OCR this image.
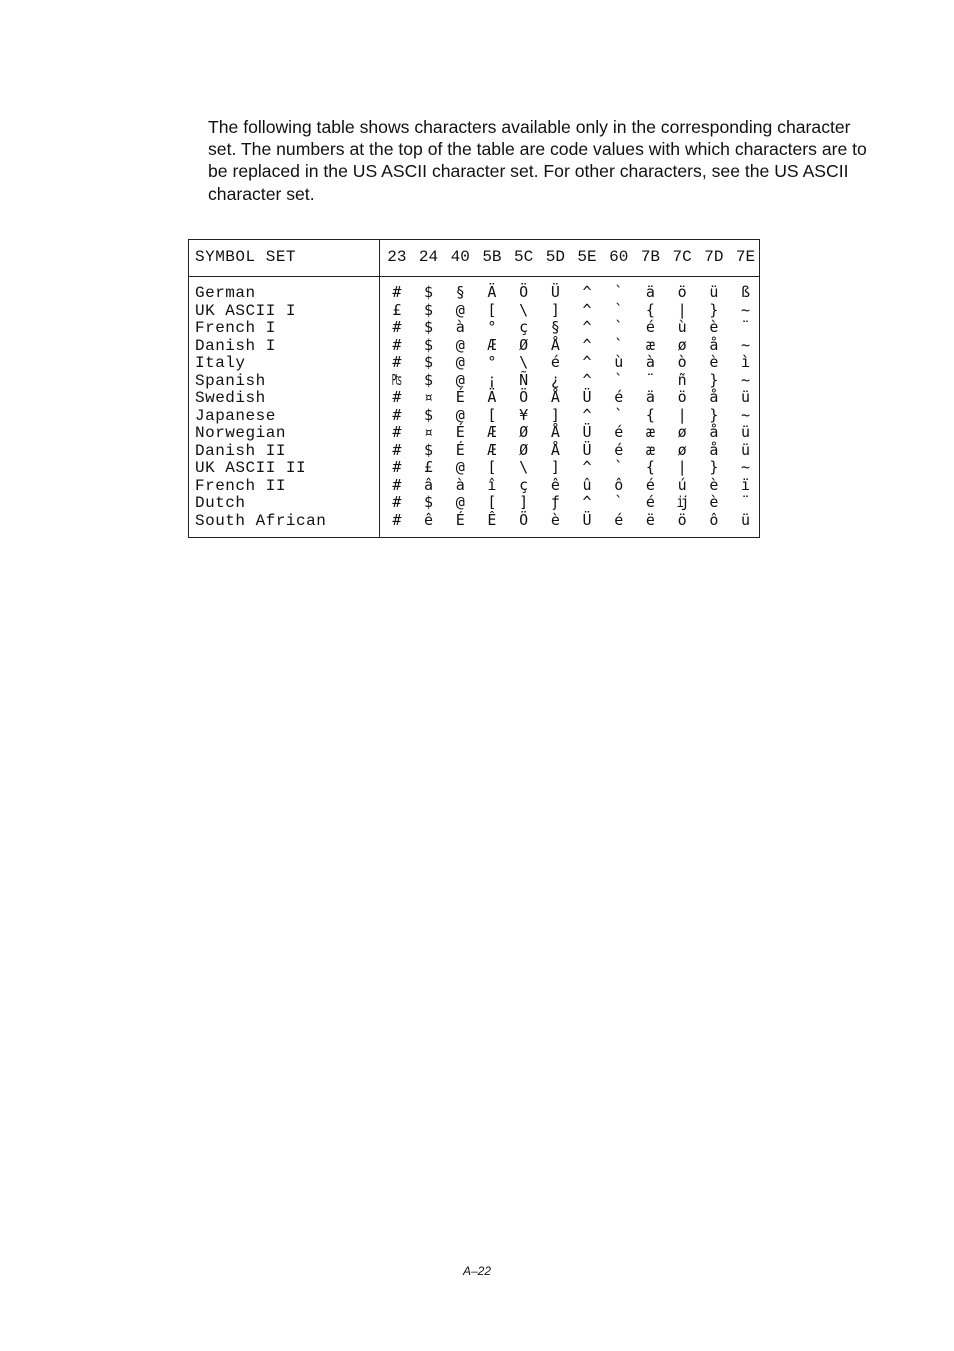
The following table shows characters available only in the corresponding character set. The numbers at the top of the table are code values with which characters are to be replaced in the US ASCII character set. For other characters, see the US ASCII character set.

SYMBOL SET	23 24 40 5B 5C 5D 5E 60 7B 7C 7D 7E
German	#	$	§	Ä	Ö	Ü	^	`	ä	ö	ü	ß
UK ASCII I	£	$	@	[	\	]	^	`	{	|	}	~
French I	#	$	à	°	ç	§	^	`	é	ù	è	¨
Danish I	#	$	@	Æ	Ø	Å	^	`	æ	ø	å	~
Italy	#	$	@	°	\	é	^	ù	à	ò	è	ì
Spanish	₧	$	@	¡	Ñ	¿	^	`	¨	ñ	}	~
Swedish	#	¤	É	Ä	Ö	Å	Ü	é	ä	ö	å	ü
Japanese	#	$	@	[	¥	]	^	`	{	|	}	~
Norwegian	#	¤	É	Æ	Ø	Å	Ü	é	æ	ø	å	ü
Danish II	#	$	É	Æ	Ø	Å	Ü	é	æ	ø	å	ü
UK ASCII II	#	£	@	[	\	]	^	`	{	|	}	~
French II	#	â	à	î	ç	ê	û	ô	é	ú	è	ï
Dutch	#	$	@	[	]	ƒ	^	`	é	ĳ	è	¨
South African	#	ê	É	Ê	Ö	è	Ü	é	ë	ö	ô	ü
A–22
